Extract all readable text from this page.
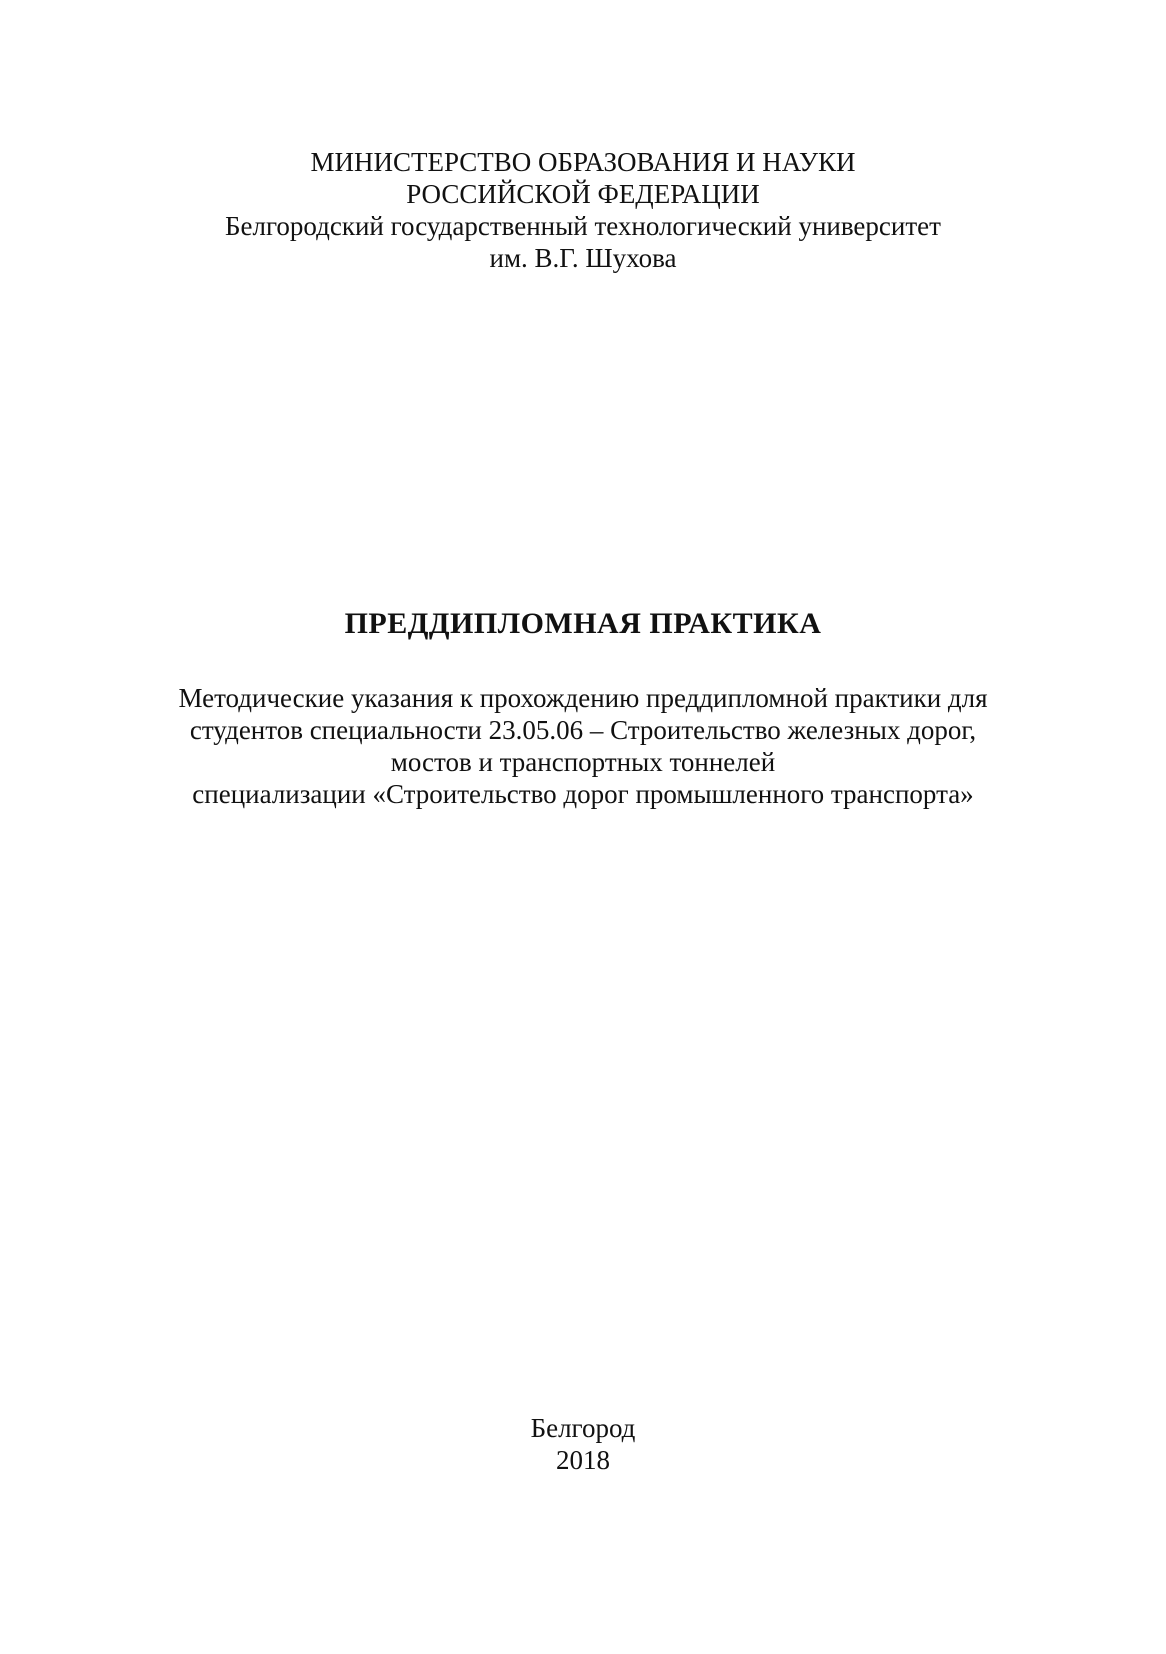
МИНИСТЕРСТВО ОБРАЗОВАНИЯ И НАУКИ
РОССИЙСКОЙ ФЕДЕРАЦИИ
Белгородский государственный технологический университет
им. В.Г. Шухова
ПРЕДДИПЛОМНАЯ ПРАКТИКА
Методические указания к прохождению преддипломной практики для
студентов специальности 23.05.06 – Строительство железных дорог,
мостов и транспортных тоннелей
специализации «Строительство дорог промышленного транспорта»
Белгород
2018
